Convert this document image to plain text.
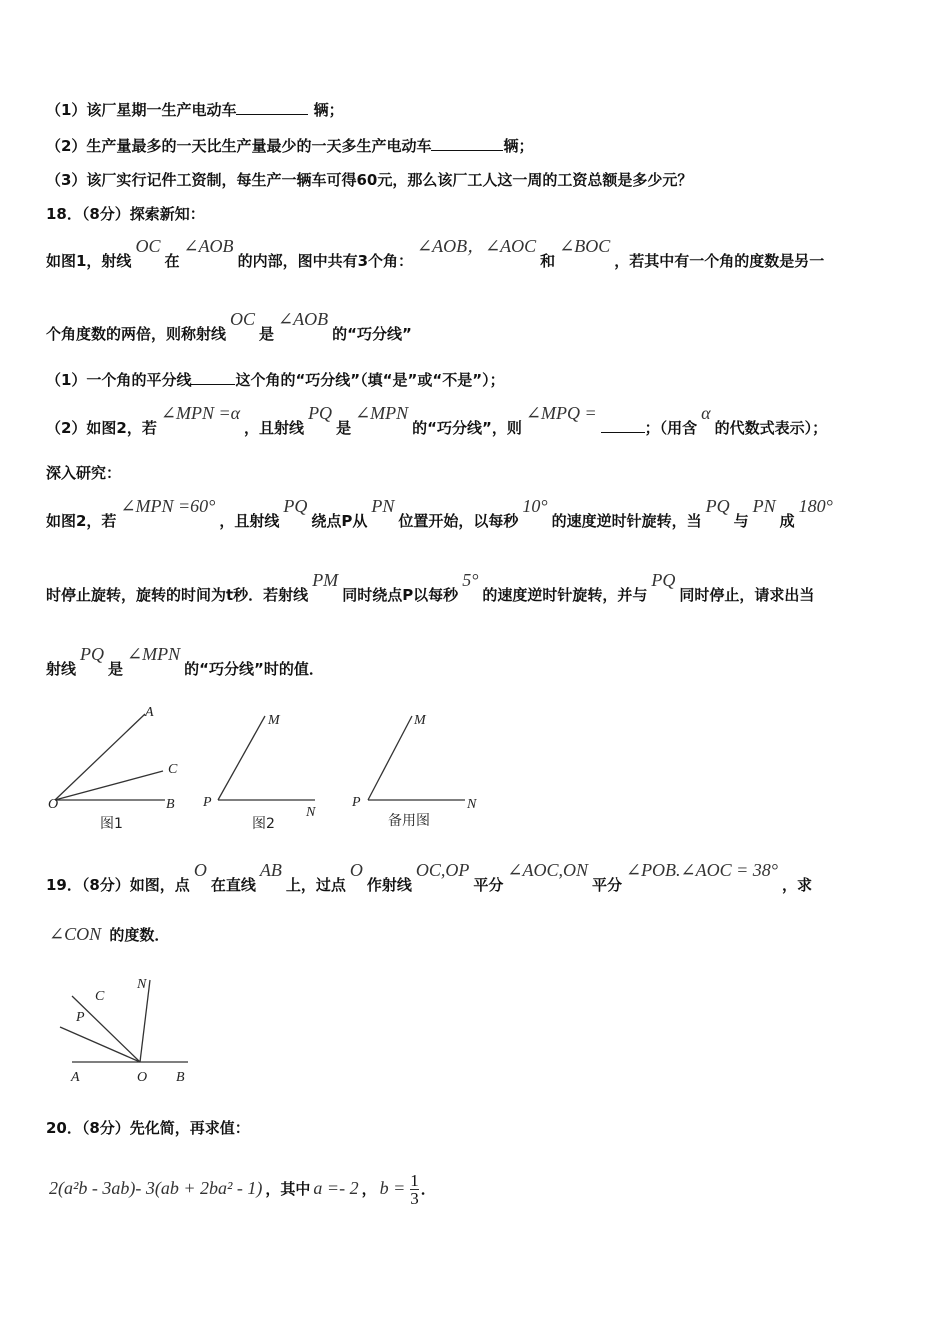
（1）该厂星期一生产电动车	辆；
（2）生产量最多的一天比生产量最少的一天多生产电动车	辆；
（3）该厂实行记件工资制，每生产一辆车可得60元，那么该厂工人这一周的工资总额是多少元？
18．（8分）探索新知：
如图1，射线OC在∠AOB的内部，图中共有3个角：∠AOB，∠AOC和∠BOC，若其中有一个角的度数是另一
个角度数的两倍，则称射线OC是∠AOB的“巧分线”
（1）一个角的平分线	这个角的“巧分线”（填“是”或“不是”）；
（2）如图2，若∠MPN =α，且射线PQ是∠MPN的“巧分线”，则∠MPQ =；（用含α的代数式表示）；
深入研究：
如图2，若∠MPN =60°，且射线PQ绕点P从PN位置开始，以每秒10°的速度逆时针旋转，当PQ与PN成180°
时停止旋转，旋转的时间为t秒．若射线PM同时绕点P以每秒5°的速度逆时针旋转，并与PQ同时停止，请求出当
射线PQ是∠MPN的“巧分线”时的值．
19．（8分）如图，点O在直线AB上，过点O作射线OC,OP平分∠AOC,ON平分∠POB.∠AOC = 38°，求
∠CON 的度数．
20．（8分）先化简，再求值：
2(a²b - 3ab)- 3(ab + 2ba² - 1) ，其中 a =- 2 ， $b = \frac{1}{3}$ ．
A
C
O	B
图1
M
P
N
图2
M
P	N
备用图
N
C
P
A	O B
